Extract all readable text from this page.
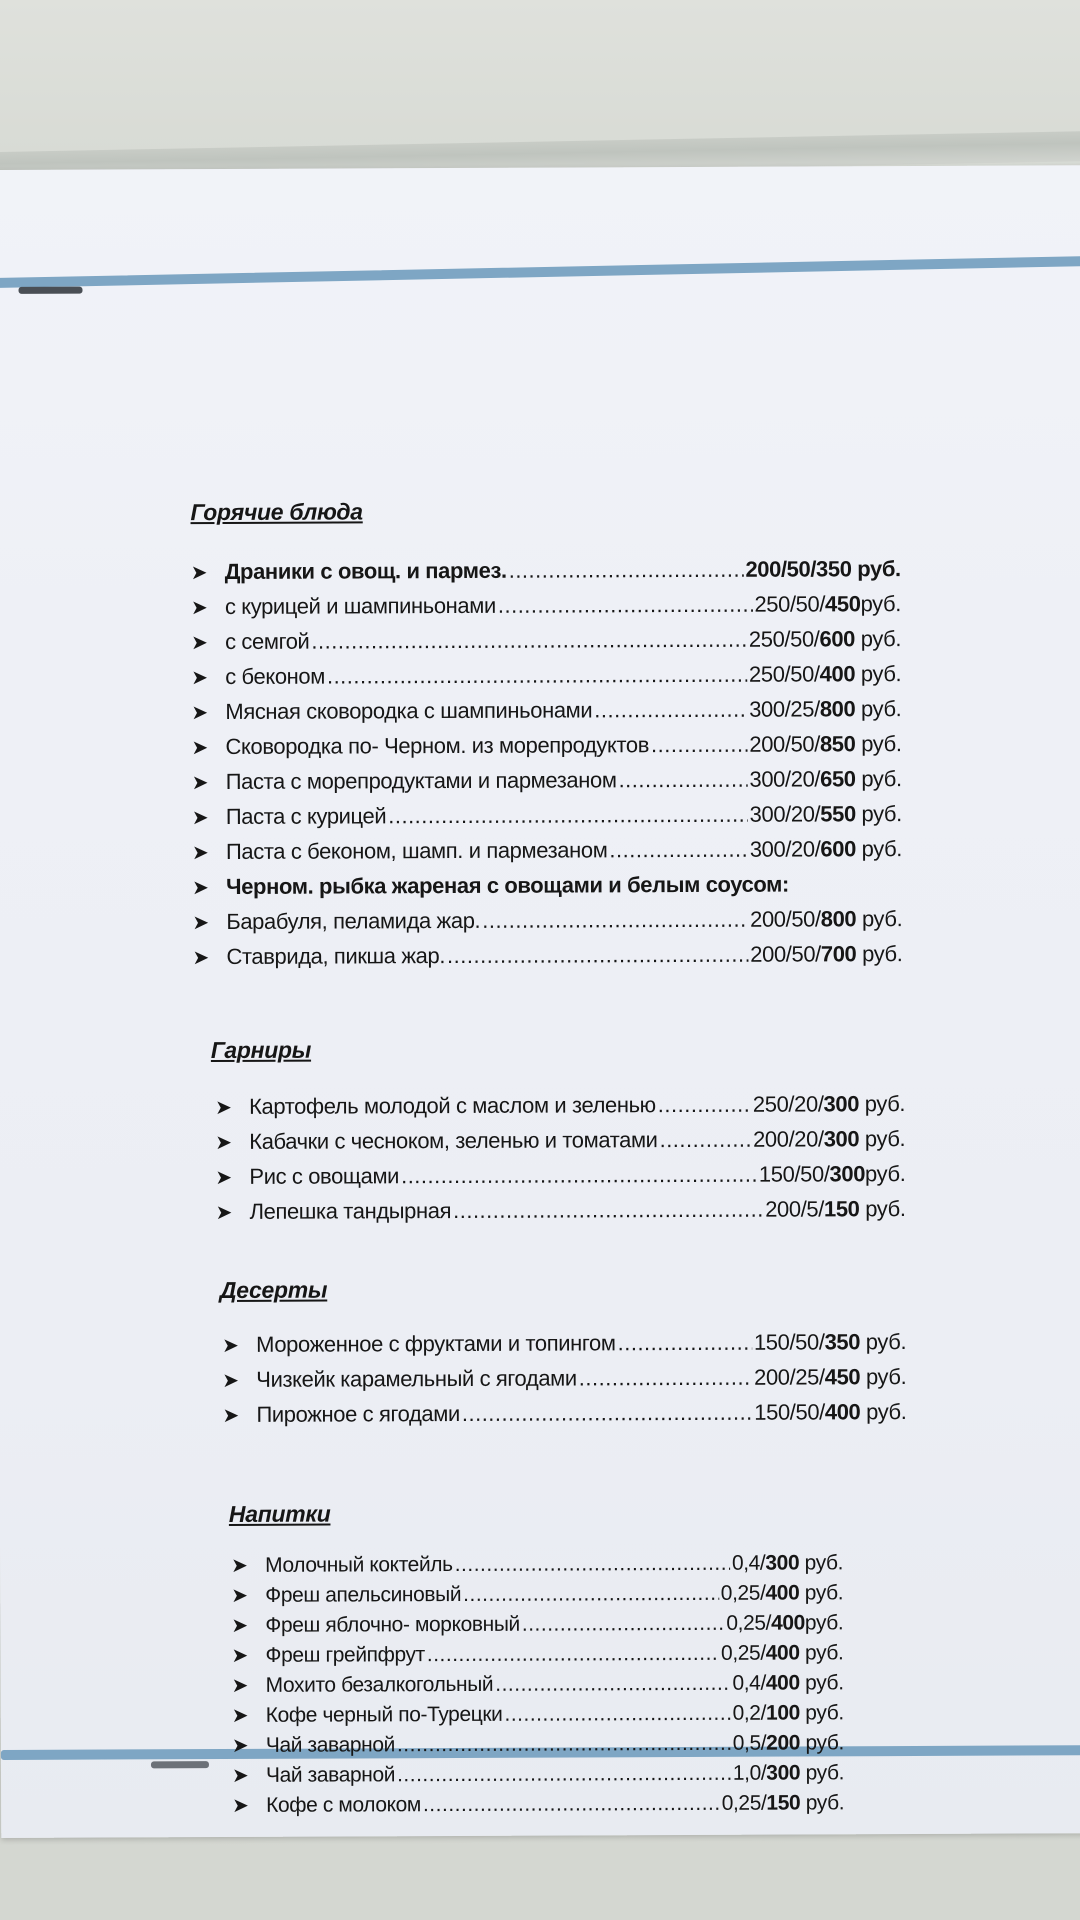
Горячие блюда
➤ Драники с овощ. и пармез. .....	200/50/350 руб.
➤ с курицей и шампиньонами .....	250/50/450руб.
➤ с семгой .....	250/50/600 руб.
➤ с беконом .....	250/50/400 руб.
➤ Мясная сковородка с шампиньонами .....	300/25/800 руб.
➤ Сковородка по- Черном. из морепродуктов .....	200/50/850 руб.
➤ Паста с морепродуктами и пармезаном .....	300/20/650 руб.
➤ Паста с курицей .....	300/20/550 руб.
➤ Паста с беконом, шамп. и пармезаном .....	300/20/600 руб.
➤ Черном. рыбка жареная с овощами и белым соусом:
➤ Барабуля, пеламида жар. .....	200/50/800 руб.
➤ Ставрида, пикша жар. .....	200/50/700 руб.
Гарниры
➤ Картофель молодой с маслом и зеленью .....	250/20/300 руб.
➤ Кабачки с чесноком, зеленью и томатами .....	200/20/300 руб.
➤ Рис с овощами .....	150/50/300руб.
➤ Лепешка тандырная .....	200/5/150 руб.
Десерты
➤ Мороженное с фруктами и топингом .....	150/50/350 руб.
➤ Чизкейк карамельный с ягодами .....	200/25/450 руб.
➤ Пирожное с ягодами .....	150/50/400 руб.
Напитки
➤ Молочный коктейль .....	0,4/300 руб.
➤ Фреш апельсиновый .....	0,25/400 руб.
➤ Фреш яблочно- морковный .....	0,25/400руб.
➤ Фреш грейпфрут .....	0,25/400 руб.
➤ Мохито безалкогольный .....	0,4/400 руб.
➤ Кофе черный по-Турецки .....	0,2/100 руб.
➤ Чай заварной .....	0,5/200 руб.
➤ Чай заварной .....	1,0/300 руб.
➤ Кофе с молоком .....	0,25/150 руб.
